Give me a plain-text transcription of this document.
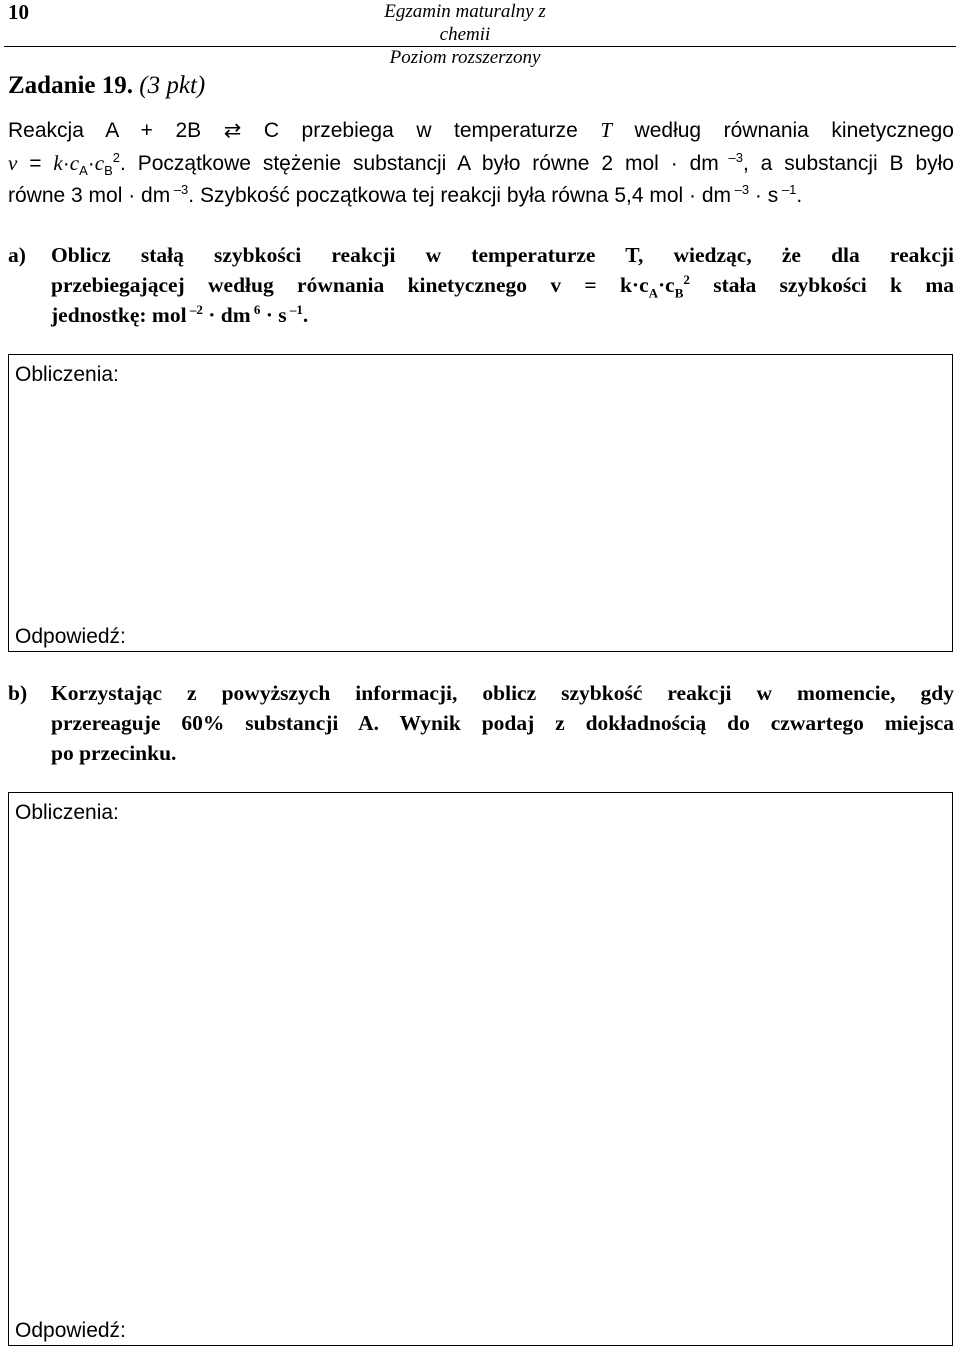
10	Egzamin maturalny z chemii
Poziom rozszerzony
Zadanie 19. (3 pkt)
Reakcja A + 2B ⇄ C przebiega w temperaturze T według równania kinetycznego
$v = k\cdot c_A\cdot c_B^2$. Początkowe stężenie substancji A było równe 2 mol · dm $^{-3}$, a substancji B było
równe 3 mol · dm $^{-3}$. Szybkość początkowa tej reakcji była równa 5,4 mol · dm $^{-3}$ · s $^{-1}$.
a) Oblicz stałą szybkości reakcji w temperaturze T, wiedząc, że dla reakcji
przebiegającej według równania kinetycznego $v = k\cdot c_A\cdot c_B^2$ stała szybkości k ma
jednostkę: mol $^{-2}$ · dm $^6$ · s $^{-1}$.
Obliczenia:
Odpowiedź:
b) Korzystając z powyższych informacji, oblicz szybkość reakcji w momencie, gdy
przereaguje 60% substancji A. Wynik podaj z dokładnością do czwartego miejsca
po przecinku.
Obliczenia:
Odpowiedź:
